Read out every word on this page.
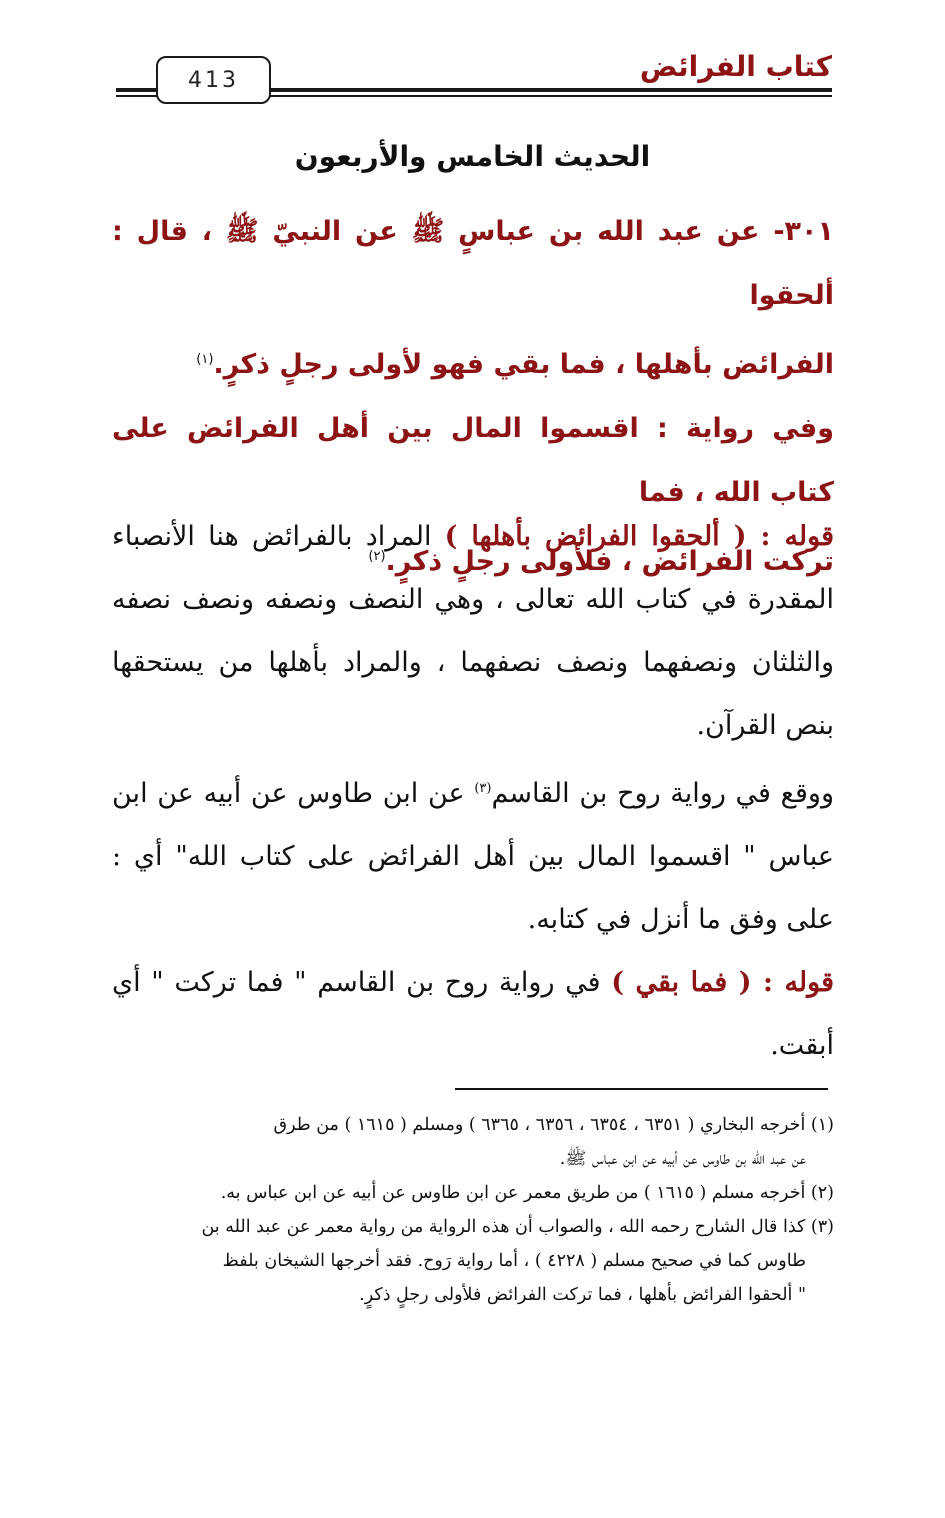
413	كتاب الفرائض
الحديث الخامس والأربعون
٣٠١- عن عبد الله بن عباسٍ ﷺ عن النبيّ ﷺ ، قال : ألحقوا
الفرائض بأهلها ، فما بقي فهو لأولى رجلٍ ذكرٍ.$^{(١)}$
وفي رواية : اقسموا المال بين أهل الفرائض على كتاب الله ، فما
تركت الفرائض ، فلأولى رجلٍ ذكرٍ.$^{(٢)}$

قوله : ( ألحقوا الفرائض بأهلها ) المراد بالفرائض هنا الأنصباء المقدرة في كتاب الله تعالى ، وهي النصف ونصفه ونصف نصفه والثلثان ونصفهما ونصف نصفهما ، والمراد بأهلها من يستحقها بنص القرآن.

ووقع في رواية روح بن القاسم$^{(٣)}$ عن ابن طاوس عن أبيه عن ابن عباس " اقسموا المال بين أهل الفرائض على كتاب الله" أي : على وفق ما أنزل في كتابه.

قوله : ( فما بقي ) في رواية روح بن القاسم " فما تركت " أي أبقت.

(١) أخرجه البخاري ( ٦٣٥١ ، ٦٣٥٤ ، ٦٣٥٦ ، ٦٣٦٥ ) ومسلم ( ١٦١٥ ) من طرق

عن عبد الله بن طاوس عن أبيه عن ابن عباس ﷺ.

(٢) أخرجه مسلم ( ١٦١٥ ) من طريق معمر عن ابن طاوس عن أبيه عن ابن عباس به.

(٣) كذا قال الشارح رحمه الله ، والصواب أن هذه الرواية من رواية معمر عن عبد الله بن

طاوس كما في صحيح مسلم ( ٤٢٢٨ ) ، أما رواية رَوح. فقد أخرجها الشيخان بلفظ

" ألحقوا الفرائض بأهلها ، فما تركت الفرائض فلأولى رجلٍ ذكرٍ.
